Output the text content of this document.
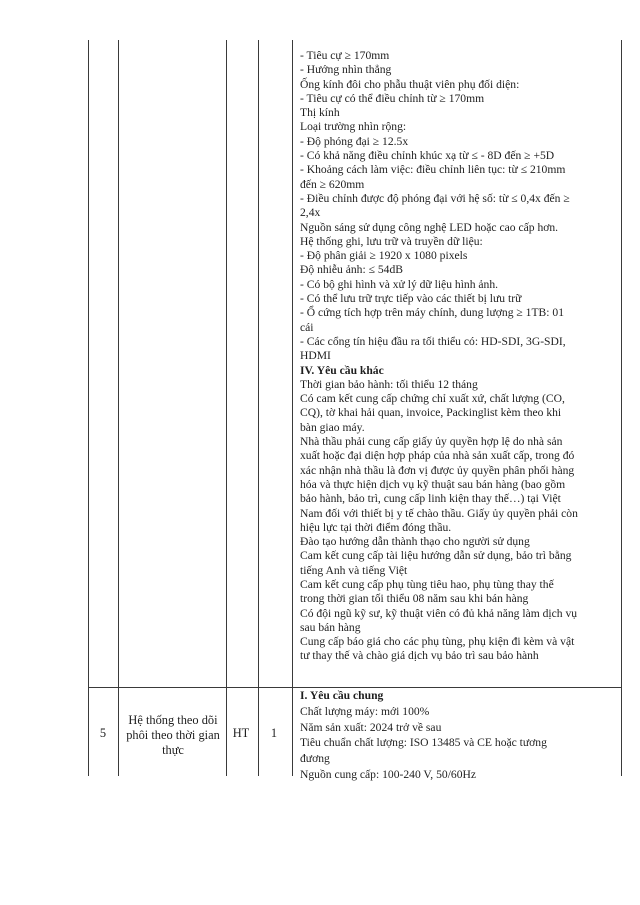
- Tiêu cự ≥ 170mm
- Hướng nhìn thẳng
Ống kính đôi cho phẫu thuật viên phụ đối diện:
- Tiêu cự có thể điều chỉnh từ ≥ 170mm
Thị kính
Loại trường nhìn rộng:
- Độ phóng đại ≥ 12.5x
- Có khả năng điều chỉnh khúc xạ từ ≤ - 8D đến ≥ +5D
- Khoảng cách làm việc: điều chỉnh liên tục: từ ≤ 210mm
đến ≥ 620mm
- Điều chỉnh được độ phóng đại với hệ số: từ ≤ 0,4x đến ≥
2,4x
Nguồn sáng sử dụng công nghệ LED hoặc cao cấp hơn.
Hệ thống ghi, lưu trữ và truyền dữ liệu:
- Độ phân giải ≥ 1920 x 1080 pixels
Độ nhiễu ảnh: ≤ 54dB
- Có bộ ghi hình và xử lý dữ liệu hình ảnh.
- Có thể lưu trữ trực tiếp vào các thiết bị lưu trữ
- Ổ cứng tích hợp trên máy chính, dung lượng ≥ 1TB: 01
cái
- Các cổng tín hiệu đầu ra tối thiểu có: HD-SDI, 3G-SDI,
HDMI
IV. Yêu cầu khác
Thời gian bảo hành: tối thiểu 12 tháng
Có cam kết cung cấp chứng chỉ xuất xứ, chất lượng (CO,
CQ), tờ khai hải quan, invoice, Packinglist kèm theo khi
bàn giao máy.
Nhà thầu phải cung cấp giấy ủy quyền hợp lệ do nhà sản
xuất hoặc đại diện hợp pháp của nhà sản xuất cấp, trong đó
xác nhận nhà thầu là đơn vị được ủy quyền phân phối hàng
hóa và thực hiện dịch vụ kỹ thuật sau bán hàng (bao gồm
bảo hành, bảo trì, cung cấp linh kiện thay thế…) tại Việt
Nam đối với thiết bị y tế chào thầu. Giấy ủy quyền phải còn
hiệu lực tại thời điểm đóng thầu.
Đào tạo hướng dẫn thành thạo cho người sử dụng
Cam kết cung cấp tài liệu hướng dẫn sử dụng, bảo trì bằng
tiếng Anh và tiếng Việt
Cam kết cung cấp phụ tùng tiêu hao, phụ tùng thay thế
trong thời gian tối thiểu 08 năm sau khi bán hàng
Có đội ngũ kỹ sư, kỹ thuật viên có đủ khả năng làm dịch vụ
sau bán hàng
Cung cấp báo giá cho các phụ tùng, phụ kiện đi kèm và vật
tư thay thế và chào giá dịch vụ bảo trì sau bảo hành
5
Hệ thống theo dõi phôi theo thời gian thực
HT	1
I. Yêu cầu chung
Chất lượng máy: mới 100%
Năm sản xuất: 2024 trở về sau
Tiêu chuẩn chất lượng: ISO 13485 và CE hoặc tương
đương
Nguồn cung cấp: 100-240 V, 50/60Hz
